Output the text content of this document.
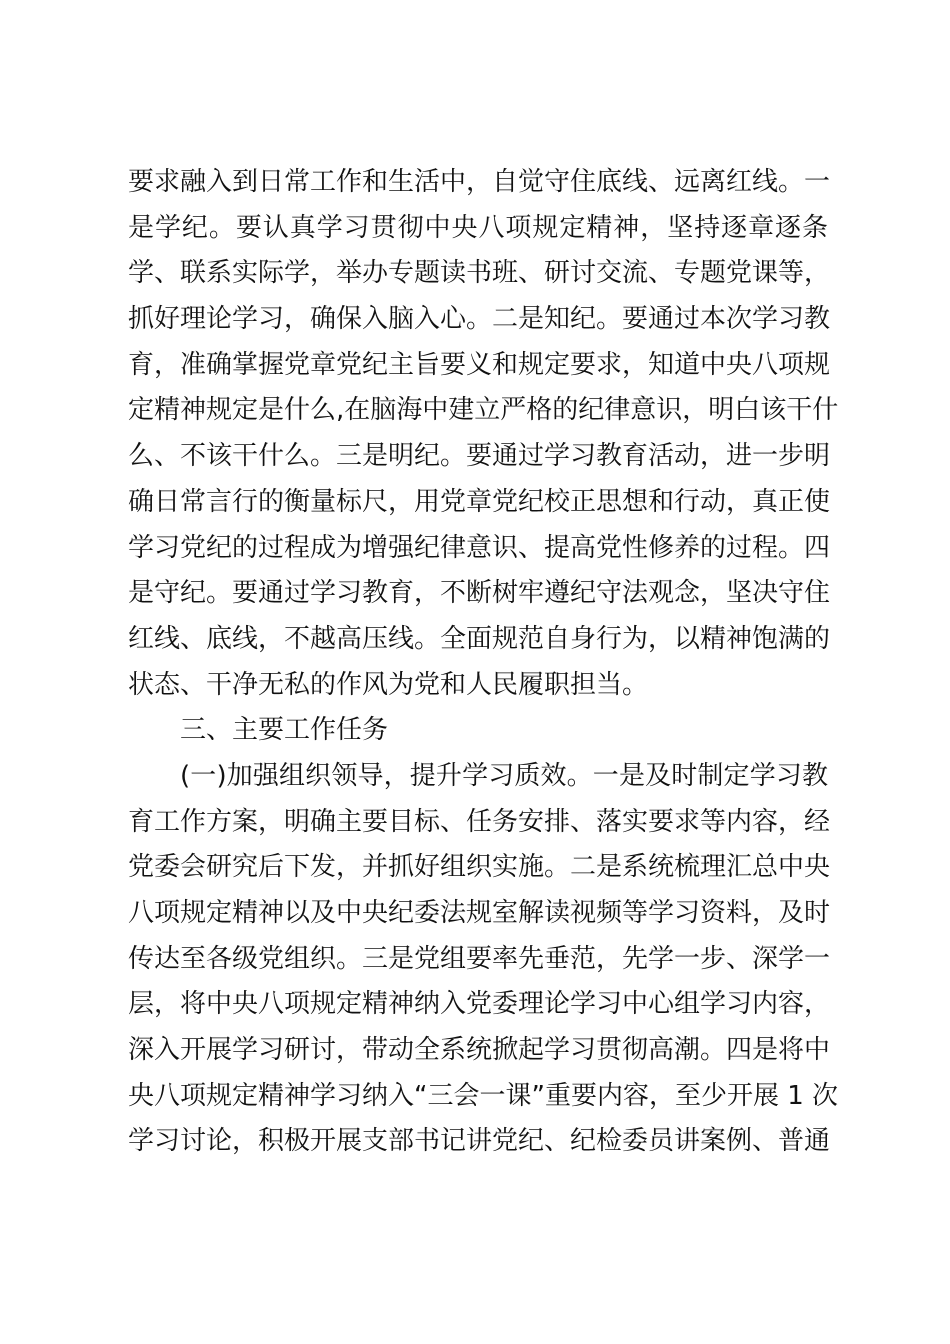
要求融入到日常工作和生活中，自觉守住底线、远离红线。一
是学纪。要认真学习贯彻中央八项规定精神，坚持逐章逐条
学、联系实际学，举办专题读书班、研讨交流、专题党课等，
抓好理论学习，确保入脑入心。二是知纪。要通过本次学习教
育，准确掌握党章党纪主旨要义和规定要求，知道中央八项规
定精神规定是什么,在脑海中建立严格的纪律意识，明白该干什
么、不该干什么。三是明纪。要通过学习教育活动，进一步明
确日常言行的衡量标尺，用党章党纪校正思想和行动，真正使
学习党纪的过程成为增强纪律意识、提高党性修养的过程。四
是守纪。要通过学习教育，不断树牢遵纪守法观念，坚决守住
红线、底线，不越高压线。全面规范自身行为，以精神饱满的
状态、干净无私的作风为党和人民履职担当。
三、主要工作任务
(一)加强组织领导，提升学习质效。一是及时制定学习教
育工作方案，明确主要目标、任务安排、落实要求等内容，经
党委会研究后下发，并抓好组织实施。二是系统梳理汇总中央
八项规定精神以及中央纪委法规室解读视频等学习资料，及时
传达至各级党组织。三是党组要率先垂范，先学一步、深学一
层，将中央八项规定精神纳入党委理论学习中心组学习内容，
深入开展学习研讨，带动全系统掀起学习贯彻高潮。四是将中
央八项规定精神学习纳入“三会一课”重要内容，至少开展 1 次
学习讨论，积极开展支部书记讲党纪、纪检委员讲案例、普通
